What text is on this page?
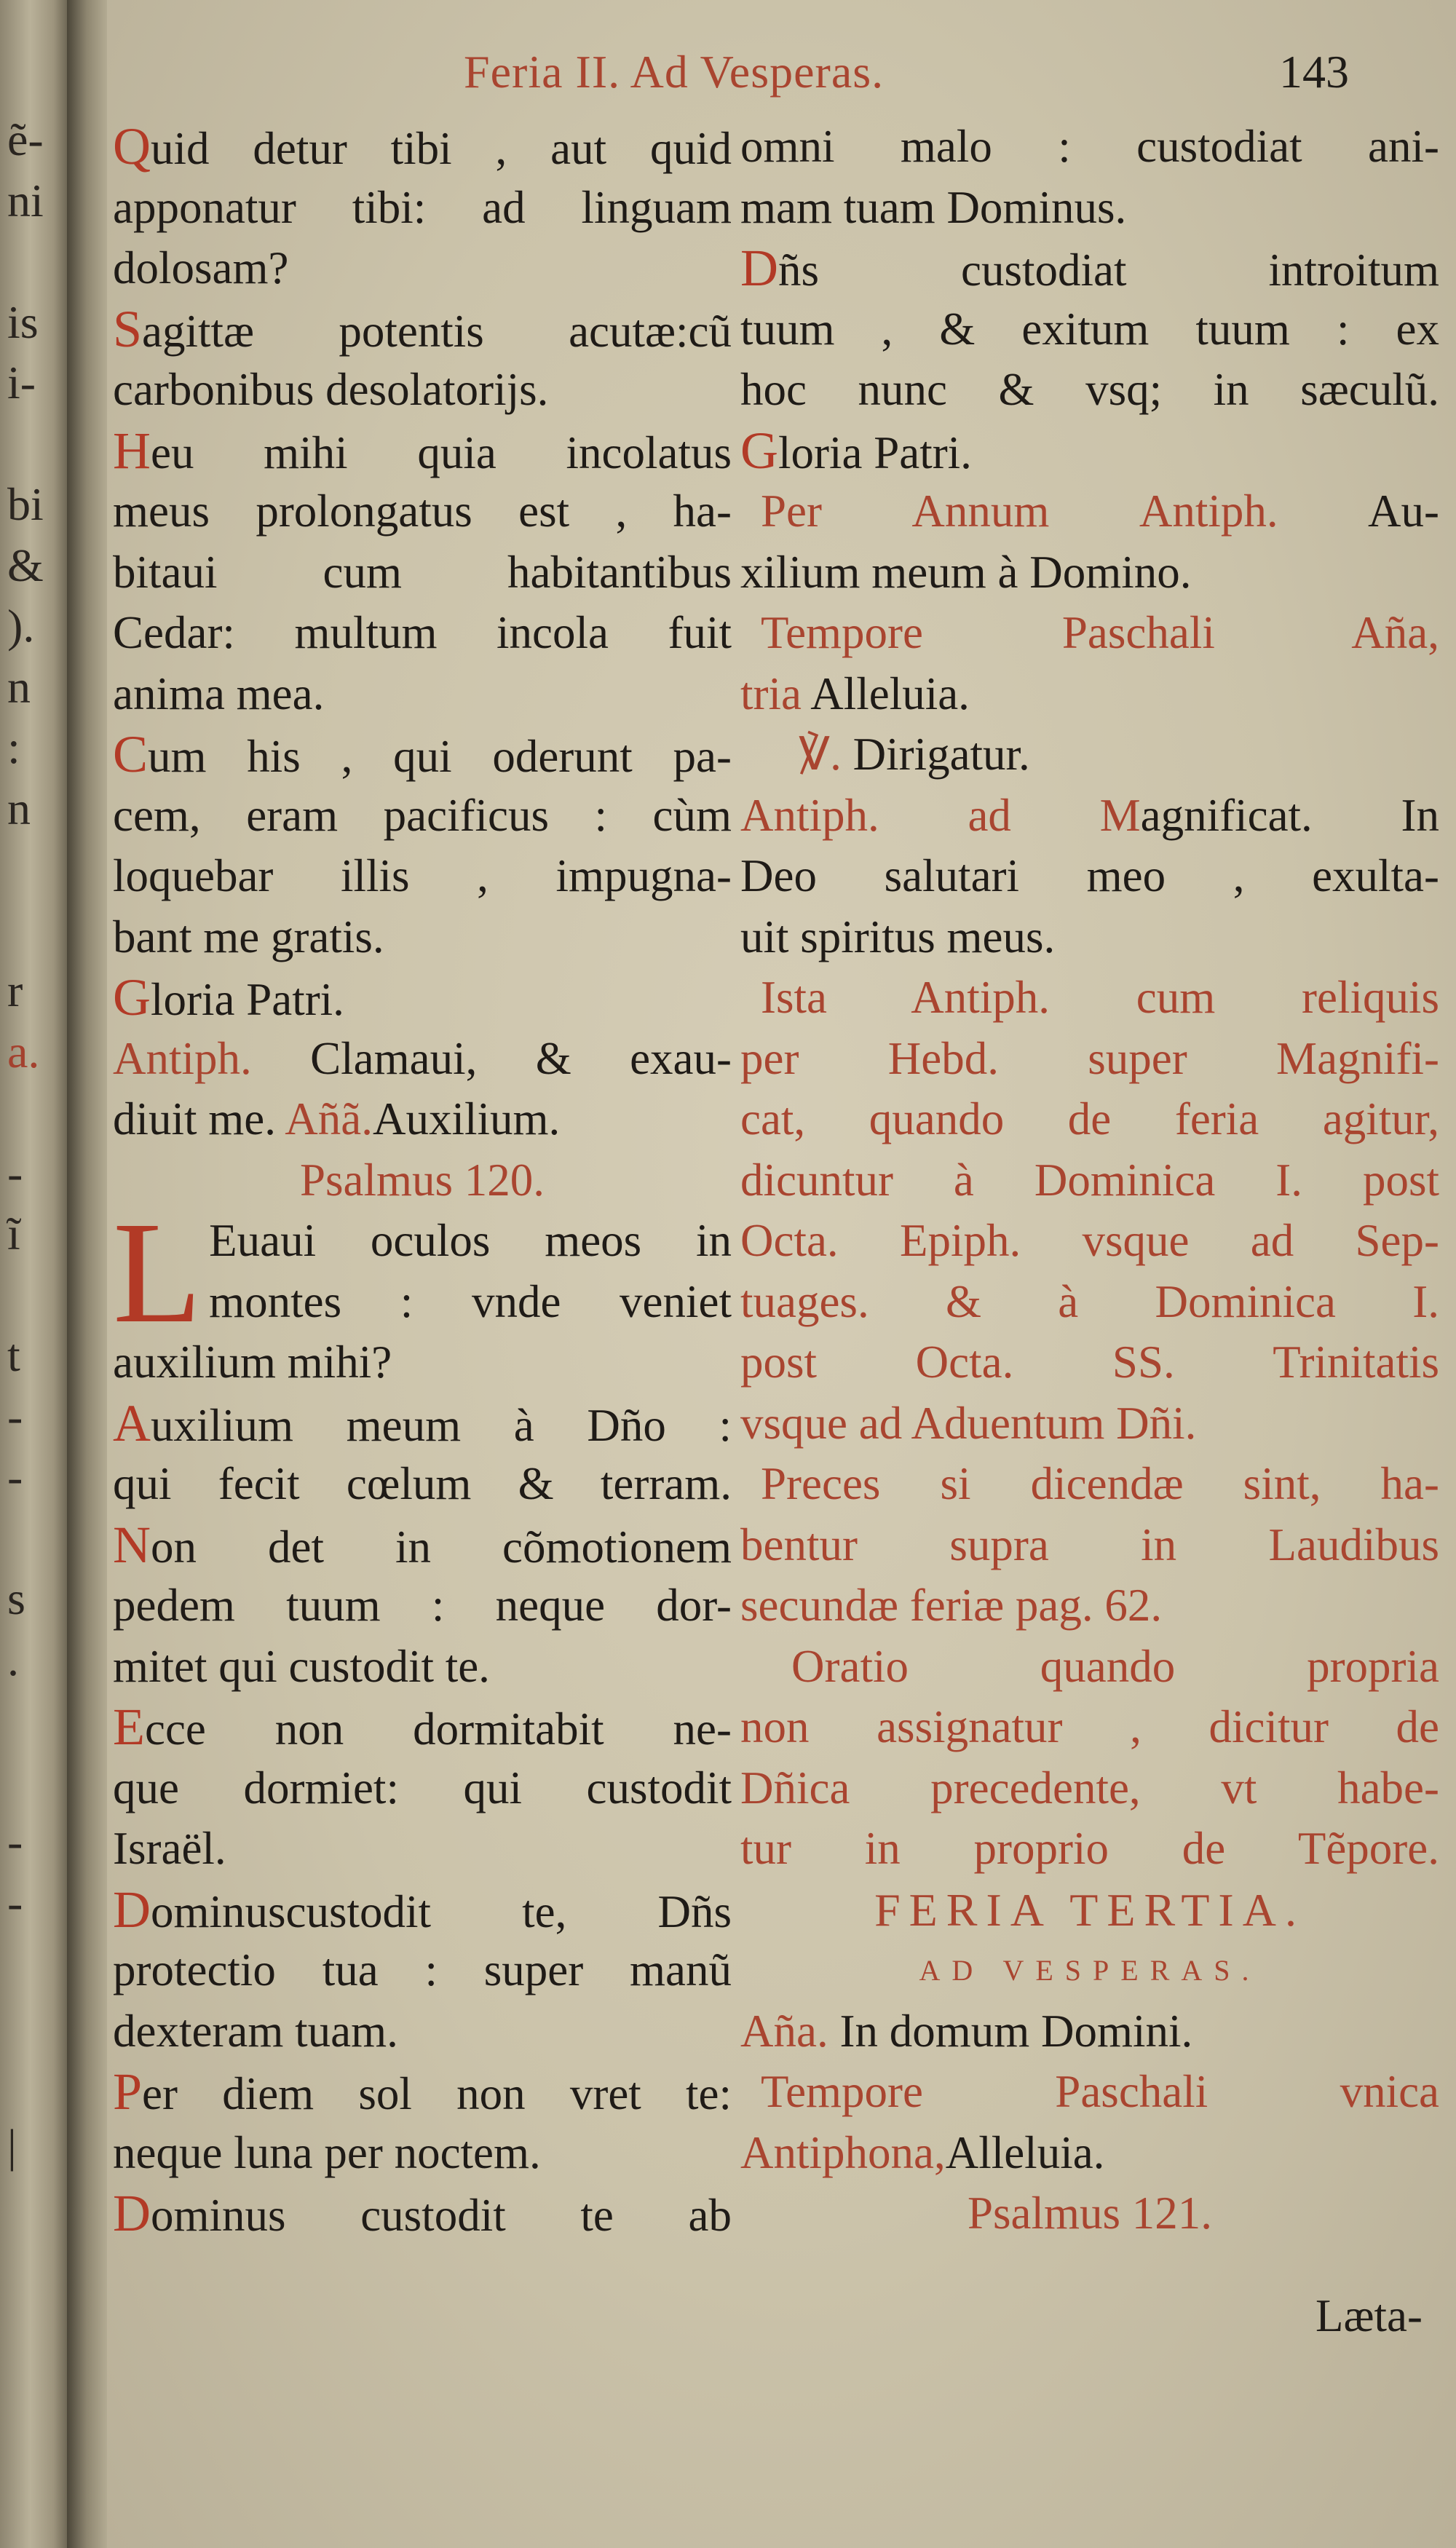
ẽ-
ni
is
i-
bi
&
).
n
:
n
r
a.
-
ĩ
t
-
-
s
.
-
-
|
Feria II. Ad Vesperas.	143
Quid detur tibi , aut quid
apponatur tibi: ad linguam
dolosam?
Sagittæ potentis acutæ:cũ
carbonibus desolatorijs.
Heu mihi quia incolatus
meus prolongatus est , ha-
bitaui cum habitantibus
Cedar: multum incola fuit
anima mea.
Cum his , qui oderunt pa-
cem, eram pacificus : cùm
loquebar illis , impugna-
bant me gratis.
Gloria Patri.
Antiph. Clamaui, & exau-
diuit me. Añã.Auxilium.
Psalmus 120.
L Euaui oculos meos in
montes : vnde veniet
auxilium mihi?
Auxilium meum à Dño :
qui fecit cœlum & terram.
Non det in cõmotionem
pedem tuum : neque dor-
mitet qui custodit te.
Ecce non dormitabit ne-
que dormiet: qui custodit
Israël.
Dominuscustodit te, Dñs
protectio tua : super manũ
dexteram tuam.
Per diem sol non vret te:
neque luna per noctem.
Dominus custodit te ab
omni malo : custodiat ani-
mam tuam Dominus.
Dñs custodiat introitum
tuum , & exitum tuum : ex
hoc nunc & vsq; in sæculũ.
Gloria Patri.
Per Annum Antiph. Au-
xilium meum à Domino.
Tempore Paschali Aña,
tria Alleluia.
℣. Dirigatur.
Antiph. ad Magnificat. In
Deo salutari meo , exulta-
uit spiritus meus.
Ista Antiph. cum reliquis
per Hebd. super Magnifi-
cat, quando de feria agitur,
dicuntur à Dominica I. post
Octa. Epiph. vsque ad Sep-
tuages. & à Dominica I.
post Octa. SS. Trinitatis
vsque ad Aduentum Dñi.
Preces si dicendæ sint, ha-
bentur supra in Laudibus
secundæ feriæ pag. 62.
Oratio quando propria
non assignatur , dicitur de
Dñica precedente, vt habe-
tur in proprio de Tẽpore.
FERIA TERTIA.
AD VESPERAS.
Aña. In domum Domini.
Tempore Paschali vnica
Antiphona,Alleluia.
Psalmus 121.
Læta-
